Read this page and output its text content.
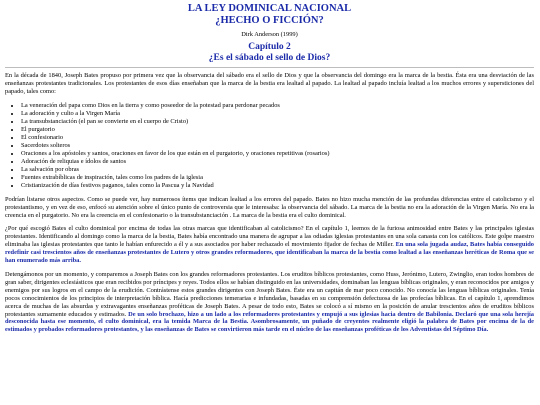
LA LEY DOMINICAL NACIONAL
¿HECHO O FICCIÓN?
Dirk Anderson (1999)
Capítulo 2
¿Es el sábado el sello de Dios?

En la década de 1840, Joseph Bates propuso por primera vez que la observancia del sábado era el sello de Dios y que la observancia del domingo era la marca de la bestia. Ésta era una desviación de las enseñanzas protestantes tradicionales. Los protestantes de esos días enseñaban que la marca de la bestia era lealtad al papado. La lealtad al papado incluía lealtad a los muchos errores y supersticiones del papado, tales como:

• La veneración del papa como Dios en la tierra y como poseedor de la potestad para perdonar pecados
• La adoración y culto a la Virgen María
• La transubstanciación (el pan se convierte en el cuerpo de Cristo)
• El purgatorio
• El confesionario
• Sacerdotes solteros
• Oraciones a los apóstoles y santos, oraciones en favor de los que están en el purgatorio, y oraciones repetitivas (rosarios)
• Adoración de reliquias e ídolos de santos
• La salvación por obras
• Fuentes extrabíblicas de inspiración, tales como los padres de la iglesia
• Cristianización de días festivos paganos, tales como la Pascua y la Navidad

Podrían listarse otros aspectos. Como se puede ver, hay numerosos ítems que indican lealtad a los errores del papado. Bates no hizo mucha mención de las profundas diferencias entre el catolicismo y el protestantismo, y en vez de eso, enfocó su atención sobre el único punto de controversia que le interesaba: la observancia del sábado. La marca de la bestia no era la adoración de la Virgen María. No era la creencia en el purgatorio. No era la creencia en el confesionario o la transubstanciación . La marca de la bestia era el culto dominical.

¿Por qué escogió Bates el culto dominical por encima de todas las otras marcas que identificaban al catolicismo? En el capítulo 1, leemos de la furiosa animosidad entre Bates y las principales iglesias protestantes. Identificando al domingo como la marca de la bestia, Bates había encontrado una manera de agrupar a las odiadas iglesias protestantes en una sola canasta con los católicos. Este golpe maestro eliminaba las iglesias protestantes que tanto le habían enfurecido a él y a sus asociados por haber rechazado el movimiento fijador de fechas de Miller. En una sola jugada audaz, Bates había conseguido redefinir casi trescientos años de enseñanzas protestantes de Lutero y otros grandes reformadores, que identificaban la marca de la bestia como lealtad a las enseñanzas heréticas de Roma que se han enumerado más arriba.

Detengámonos por un momento, y comparemos a Joseph Bates con los grandes reformadores protestantes. Los eruditos bíblicos protestantes, como Huss, Jerónimo, Lutero, Zwinglio, eran todos hombres de gran saber, dirigentes eclesiásticos que eran recibidos por príncipes y reyes. Todos ellos se habían distinguido en las universidades, dominaban las lenguas bíblicas originales, y eran reconocidos por amigos y enemigos por sus logros en el campo de la erudición. Contrástense estos grandes dirigentes con Joseph Bates. Éste era un capitán de mar poco conocido. No conocía las lenguas bíblicas originales. Tenía pocos conocimientos de los principios de interpretación bíblica. Hacía predicciones temerarias e infundadas, basadas en su comprensión defectuosa de las profecías bíblicas. En el capítulo 1, aprendimos acerca de muchas de las absurdas y extravagantes enseñanzas proféticas de Joseph Bates. A pesar de todo esto, Bates se colocó a sí mismo en la posición de anular trescientos años de eruditos bíblicos protestantes sumamente educados y estimados. De un solo brochazo, hizo a un lado a los reformadores protestantes y empujó a sus iglesias hacia dentro de Babilonia. Declaró que una sola herejía desconocida hasta ese momento, el culto dominical, era la temida Marca de la Bestia. Asombrosamente, un puñado de creyentes realmente eligió la palabra de Bates por encima de la de estimados y probados reformadores protestantes, y las enseñanzas de Bates se convirtieron más tarde en el núcleo de las enseñanzas proféticas de los Adventistas del Séptimo Día.
